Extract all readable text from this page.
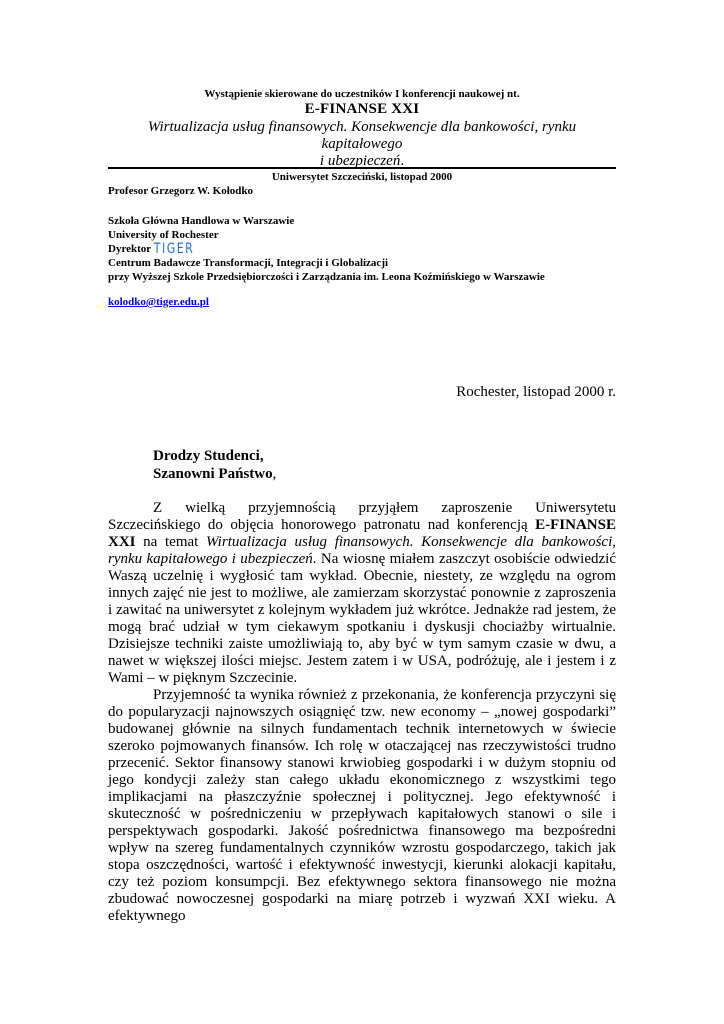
Wystąpienie skierowane do uczestników I konferencji naukowej nt.
E-FINANSE XXI
Wirtualizacja usług finansowych. Konsekwencje dla bankowości, rynku kapitałowego
i ubezpieczeń.
Uniwersytet Szczeciński, listopad 2000
Profesor Grzegorz W. Kołodko
Szkoła Główna Handlowa w Warszawie
University of Rochester
Dyrektor TIGER
Centrum Badawcze Transformacji, Integracji i Globalizacji
przy Wyższej Szkole Przedsiębiorczości i Zarządzania im. Leona Koźmińskiego w Warszawie
kolodko@tiger.edu.pl
Rochester, listopad 2000 r.
Drodzy Studenci,
Szanowni Państwo,

Z wielką przyjemnością przyjąłem zaproszenie Uniwersytetu Szczecińskiego do objęcia honorowego patronatu nad konferencją E-FINANSE XXI na temat Wirtualizacja usług finansowych. Konsekwencje dla bankowości, rynku kapitałowego i ubezpieczeń. Na wiosnę miałem zaszczyt osobiście odwiedzić Waszą uczelnię i wygłosić tam wykład. Obecnie, niestety, ze względu na ogrom innych zajęć nie jest to możliwe, ale zamierzam skorzystać ponownie z zaproszenia i zawitać na uniwersytet z kolejnym wykładem już wkrótce. Jednakże rad jestem, że mogą brać udział w tym ciekawym spotkaniu i dyskusji chociażby wirtualnie. Dzisiejsze techniki zaiste umożliwiają to, aby być w tym samym czasie w dwu, a nawet w większej ilości miejsc. Jestem zatem i w USA, podróżuję, ale i jestem i z Wami – w pięknym Szczecinie.

Przyjemność ta wynika również z przekonania, że konferencja przyczyni się do popularyzacji najnowszych osiągnięć tzw. new economy – „nowej gospodarki” budowanej głównie na silnych fundamentach technik internetowych w świecie szeroko pojmowanych finansów. Ich rolę w otaczającej nas rzeczywistości trudno przecenić. Sektor finansowy stanowi krwiobieg gospodarki i w dużym stopniu od jego kondycji zależy stan całego układu ekonomicznego z wszystkimi tego implikacjami na płaszczyźnie społecznej i politycznej. Jego efektywność i skuteczność w pośredniczeniu w przepływach kapitałowych stanowi o sile i perspektywach gospodarki. Jakość pośrednictwa finansowego ma bezpośredni wpływ na szereg fundamentalnych czynników wzrostu gospodarczego, takich jak stopa oszczędności, wartość i efektywność inwestycji, kierunki alokacji kapitału, czy też poziom konsumpcji. Bez efektywnego sektora finansowego nie można zbudować nowoczesnej gospodarki na miarę potrzeb i wyzwań XXI wieku. A efektywnego
